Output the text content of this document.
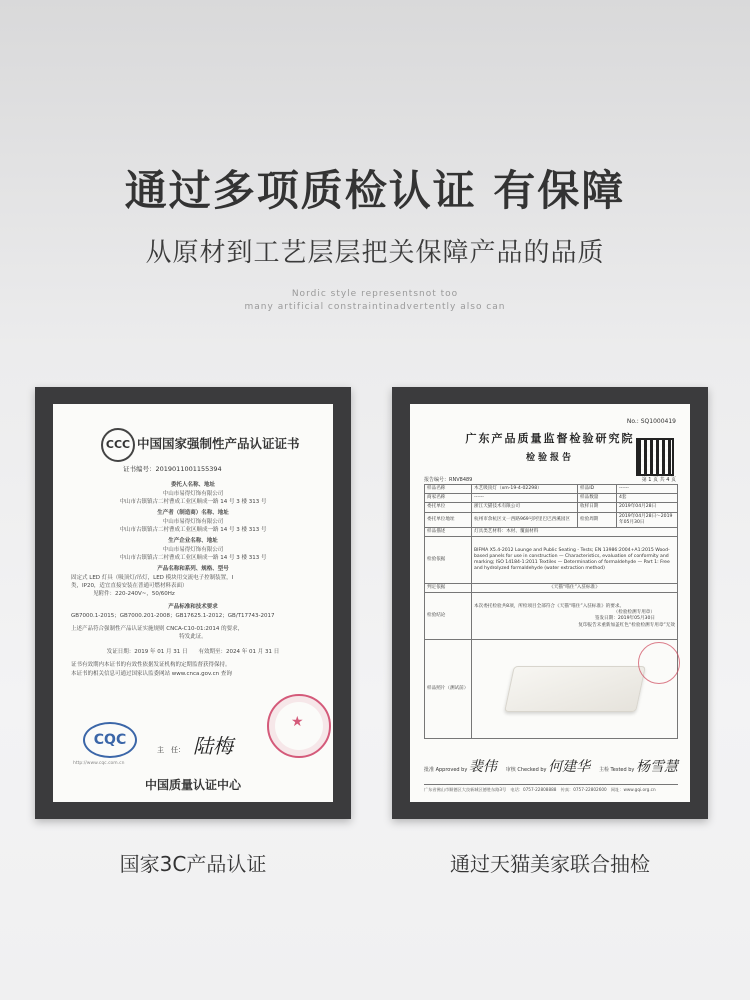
通过多项质检认证 有保障
从原材到工艺层层把关保障产品的品质
Nordic style representsnot too
many artificial constraintinadvertently also can
CCC 中国国家强制性产品认证证书
证书编号：2019011001155394
委托人名称、地址
中山市易得灯饰有限公司
中山市古镇镇古二村曹成工业区顺成一路 14 号 3 楼 313 号
生产者（制造商）名称、地址
中山市易得灯饰有限公司
中山市古镇镇古二村曹成工业区顺成一路 14 号 3 楼 313 号
生产企业名称、地址
中山市易得灯饰有限公司
中山市古镇镇古二村曹成工业区顺成一路 14 号 3 楼 313 号
产品名称和系列、规格、型号
固定式 LED 灯具（吸顶灯/吊灯，LED 模块用交流电子控制装置，I
类，IP20，适宜直接安装在普通可燃材料表面）
见附件：220-240V~，50/60Hz
产品标准和技术要求
GB7000.1-2015；GB7000.201-2008；GB17625.1-2012；GB/T17743-2017
上述产品符合强制性产品认证实施规则 CNCA-C10-01:2014 的要求，
特发此证。
发证日期：2019 年 01 月 31 日　　有效期至：2024 年 01 月 31 日
证书有效期内本证书的有效性依据发证机构的定期监督获得保持。
本证书的相关信息可通过国家认监委网站 www.cnca.gov.cn 查询
★
CQC
主　任： 陆梅
http://www.cqc.com.cn
中国质量认证中心
No.: SQ1000419
广东产品质量监督检验研究院
检验报告
报告编号：RNV8489	第 1 页 共 4 页
样品名称	木艺吸顶灯（xm-19-4-02298）	样品ID	------
商家名称	------	样品数量	4套
委托单位	浙江天猫技术有限公司	收样日期	2019年04月28日
委托单位地址	杭州市余杭区文一西路969号阿里巴巴西溪园区	检验周期	2019年04月28日～2019年05月30日
样品描述	灯具类艺材料：木材、覆面材料		
检验依据	BIFMA X5.4-2012 Lounge and Public Seating - Tests; EN 13986:2004+A1:2015 Wood-based panels for use in construction — Characteristics, evaluation of conformity and marking; ISO 14184-1:2011 Textiles — Determination of formaldehyde — Part 1: Free and hydrolyzed formaldehyde (water extraction method)		
判定依据	《天猫“喵住”入驻标准》		
检验结论	本次委托检验共8项，所检项目全部符合《天猫“喵住”入驻标准》的要求。
（检验检测专用章）
签发日期：2019年05月30日
复印报告未重新加盖红色“检验检测专用章”无效		

样品照片（测试前）			
批准 Approved by 裴伟 审核 Checked by 何建华 主检 Tested by 杨雪慧
广东省佛山市顺德区大良新城区德胜东路3号　电话：0757-22808888　传真：0757-22802600　网址：www.gqi.org.cn
国家3C产品认证	通过天猫美家联合抽检
